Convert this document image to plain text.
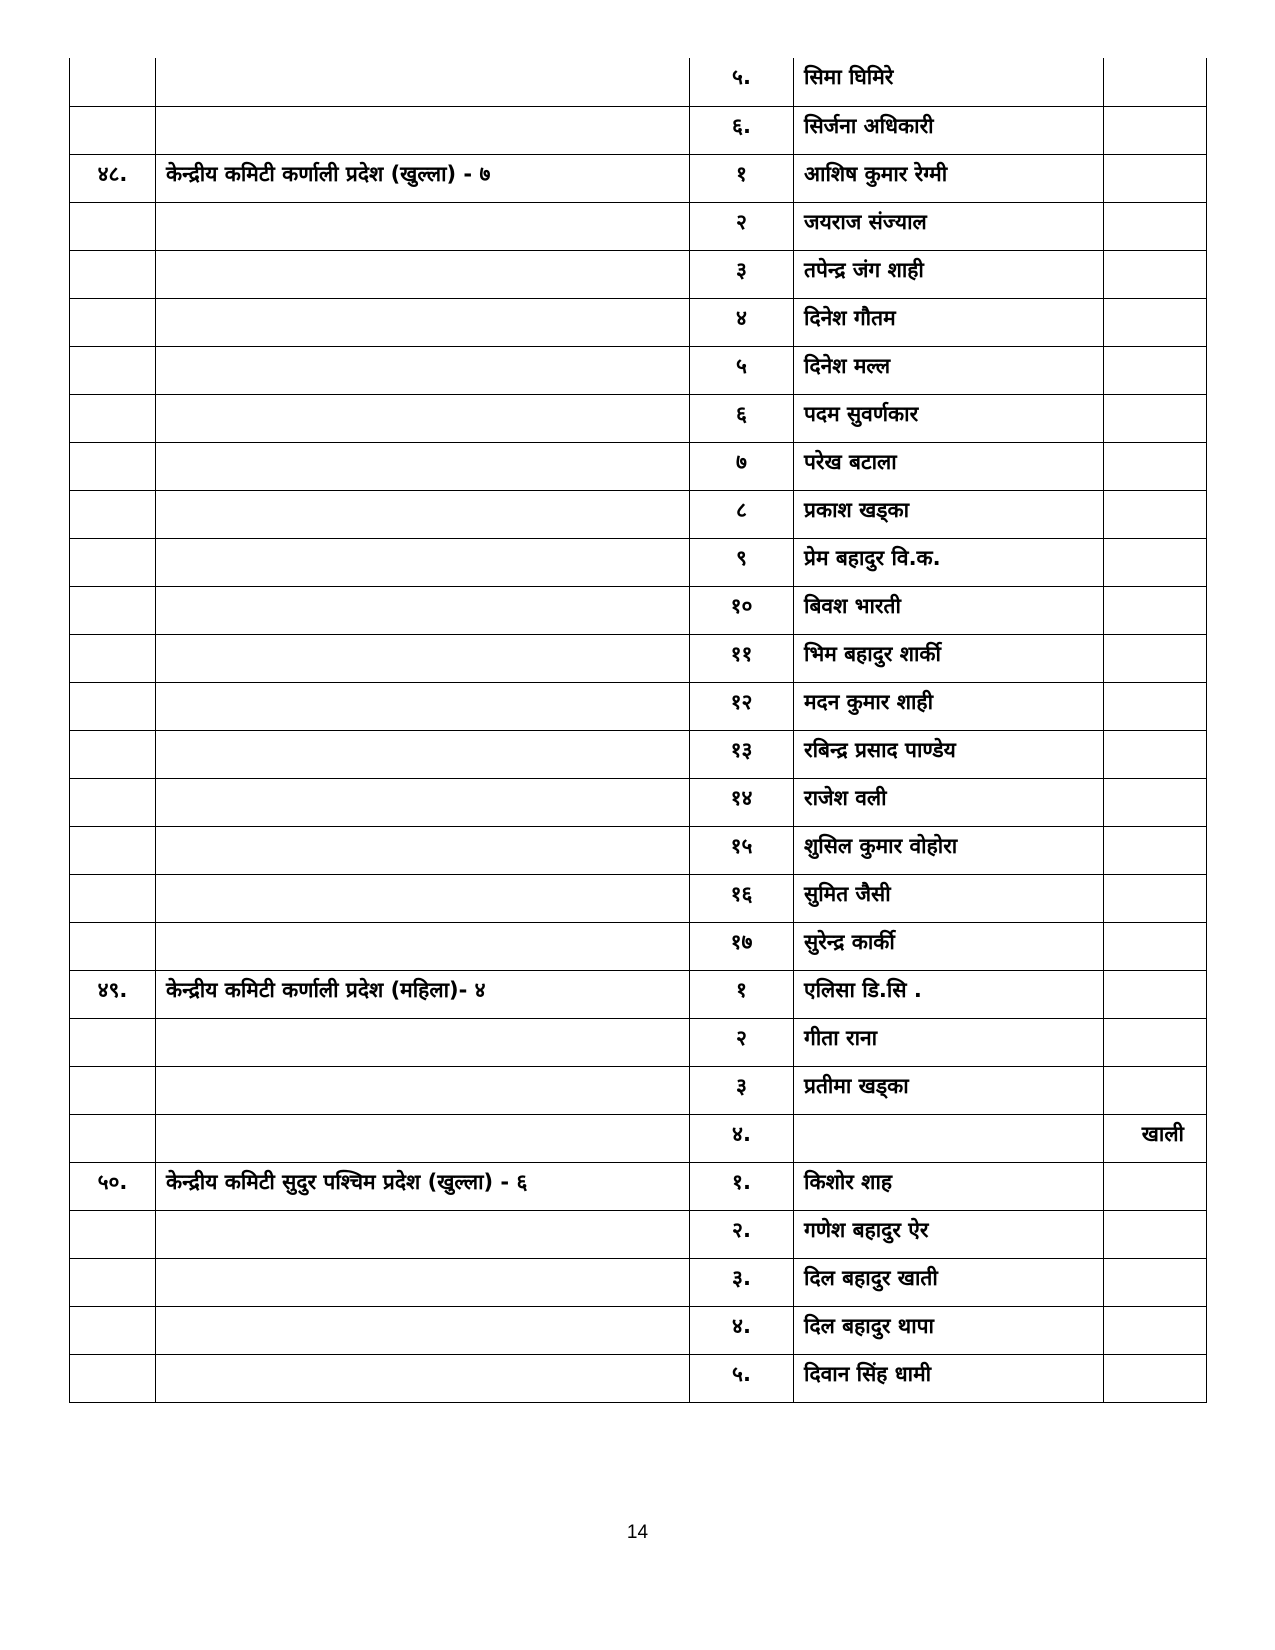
		५.	सिमा घिमिरे	
		६.	सिर्जना अधिकारी	
४८.	केन्द्रीय कमिटी कर्णाली प्रदेश (खुल्ला) - ७	१	आशिष कुमार रेग्मी	
		२	जयराज संज्याल	
		३	तपेन्द्र जंग शाही	
		४	दिनेश गौतम	
		५	दिनेश मल्ल	
		६	पदम सुवर्णकार	
		७	परेख बटाला	
		८	प्रकाश खड्का	
		९	प्रेम बहादुर वि.क.	
		१०	बिवश भारती	
		११	भिम बहादुर शार्की	
		१२	मदन कुमार शाही	
		१३	रबिन्द्र प्रसाद पाण्डेय	
		१४	राजेश वली	
		१५	शुसिल कुमार वोहोरा	
		१६	सुमित जैसी	
		१७	सुरेन्द्र कार्की	
४९.	केन्द्रीय कमिटी कर्णाली प्रदेश (महिला)- ४	१	एलिसा डि.सि .	
		२	गीता राना	
		३	प्रतीमा खड्का	
		४.		खाली
५०.	केन्द्रीय कमिटी सुदुर पश्चिम प्रदेश (खुल्ला) - ६	१.	किशोर शाह	
		२.	गणेश बहादुर ऐर	
		३.	दिल बहादुर खाती	
		४.	दिल बहादुर थापा	
		५.	दिवान सिंह धामी	
14
